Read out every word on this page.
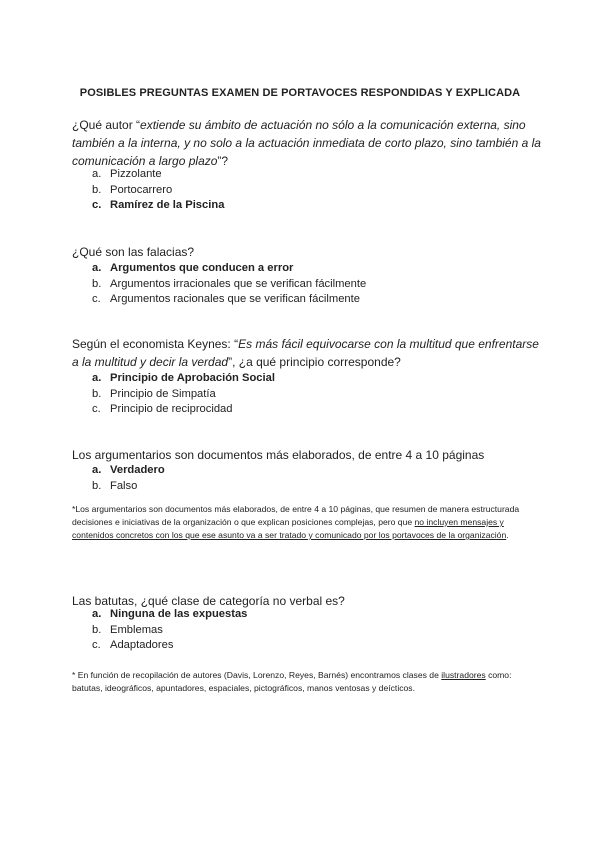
POSIBLES PREGUNTAS EXAMEN DE PORTAVOCES RESPONDIDAS Y EXPLICADA

¿Qué autor “extiende su ámbito de actuación no sólo a la comunicación externa, sino también a la interna, y no solo a la actuación inmediata de corto plazo, sino también a la comunicación a largo plazo”?

a. Pizzolante
b. Portocarrero
c. Ramírez de la Piscina

¿Qué son las falacias?

a. Argumentos que conducen a error
b. Argumentos irracionales que se verifican fácilmente
c. Argumentos racionales que se verifican fácilmente

Según el economista Keynes: “Es más fácil equivocarse con la multitud que enfrentarse a la multitud y decir la verdad”, ¿a qué principio corresponde?

a. Principio de Aprobación Social
b. Principio de Simpatía
c. Principio de reciprocidad

Los argumentarios son documentos más elaborados, de entre 4 a 10 páginas

a. Verdadero
b. Falso
*Los argumentarios son documentos más elaborados, de entre 4 a 10 páginas, que resumen de manera estructurada decisiones e iniciativas de la organización o que explican posiciones complejas, pero que no incluyen mensajes y contenidos concretos con los que ese asunto va a ser tratado y comunicado por los portavoces de la organización.

Las batutas, ¿qué clase de categoría no verbal es?

a. Ninguna de las expuestas
b. Emblemas
c. Adaptadores
* En función de recopilación de autores (Davis, Lorenzo, Reyes, Barnés) encontramos clases de ilustradores como: batutas, ideográficos, apuntadores, espaciales, pictográficos, manos ventosas y deícticos.
